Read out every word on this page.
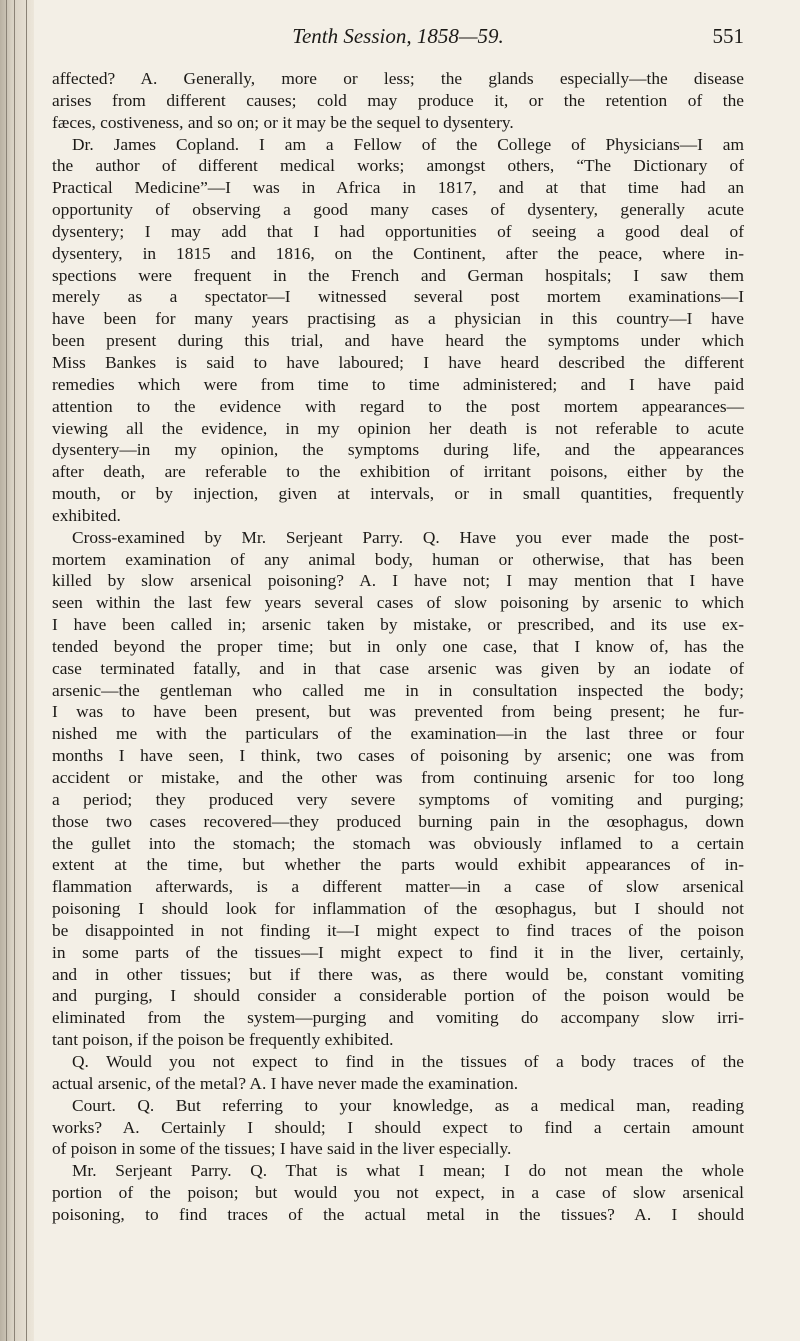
Tenth Session, 1858—59.	551
affected? A. Generally, more or less; the glands especially—the disease
arises from different causes; cold may produce it, or the retention of the
fæces, costiveness, and so on; or it may be the sequel to dysentery.
Dr. James Copland. I am a Fellow of the College of Physicians—I am
the author of different medical works; amongst others, “The Dictionary of
Practical Medicine”—I was in Africa in 1817, and at that time had an
opportunity of observing a good many cases of dysentery, generally acute
dysentery; I may add that I had opportunities of seeing a good deal of
dysentery, in 1815 and 1816, on the Continent, after the peace, where in-
spections were frequent in the French and German hospitals; I saw them
merely as a spectator—I witnessed several post mortem examinations—I
have been for many years practising as a physician in this country—I have
been present during this trial, and have heard the symptoms under which
Miss Bankes is said to have laboured; I have heard described the different
remedies which were from time to time administered; and I have paid
attention to the evidence with regard to the post mortem appearances—
viewing all the evidence, in my opinion her death is not referable to acute
dysentery—in my opinion, the symptoms during life, and the appearances
after death, are referable to the exhibition of irritant poisons, either by the
mouth, or by injection, given at intervals, or in small quantities, frequently
exhibited.
Cross-examined by Mr. Serjeant Parry. Q. Have you ever made the post-
mortem examination of any animal body, human or otherwise, that has been
killed by slow arsenical poisoning? A. I have not; I may mention that I have
seen within the last few years several cases of slow poisoning by arsenic to which
I have been called in; arsenic taken by mistake, or prescribed, and its use ex-
tended beyond the proper time; but in only one case, that I know of, has the
case terminated fatally, and in that case arsenic was given by an iodate of
arsenic—the gentleman who called me in in consultation inspected the body;
I was to have been present, but was prevented from being present; he fur-
nished me with the particulars of the examination—in the last three or four
months I have seen, I think, two cases of poisoning by arsenic; one was from
accident or mistake, and the other was from continuing arsenic for too long
a period; they produced very severe symptoms of vomiting and purging;
those two cases recovered—they produced burning pain in the œsophagus, down
the gullet into the stomach; the stomach was obviously inflamed to a certain
extent at the time, but whether the parts would exhibit appearances of in-
flammation afterwards, is a different matter—in a case of slow arsenical
poisoning I should look for inflammation of the œsophagus, but I should not
be disappointed in not finding it—I might expect to find traces of the poison
in some parts of the tissues—I might expect to find it in the liver, certainly,
and in other tissues; but if there was, as there would be, constant vomiting
and purging, I should consider a considerable portion of the poison would be
eliminated from the system—purging and vomiting do accompany slow irri-
tant poison, if the poison be frequently exhibited.
Q. Would you not expect to find in the tissues of a body traces of the
actual arsenic, of the metal? A. I have never made the examination.
Court. Q. But referring to your knowledge, as a medical man, reading
works? A. Certainly I should; I should expect to find a certain amount
of poison in some of the tissues; I have said in the liver especially.
Mr. Serjeant Parry. Q. That is what I mean; I do not mean the whole
portion of the poison; but would you not expect, in a case of slow arsenical
poisoning, to find traces of the actual metal in the tissues? A. I should
